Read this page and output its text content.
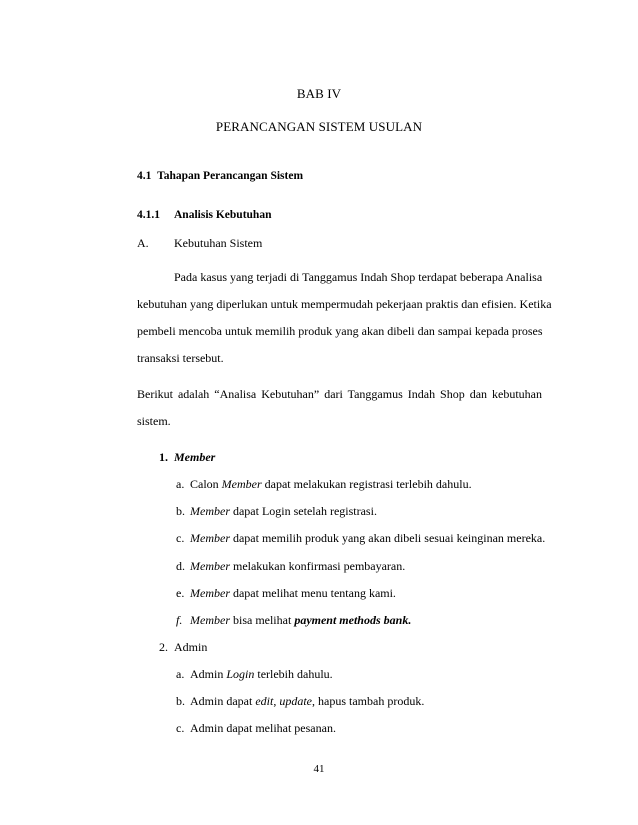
BAB IV
PERANCANGAN SISTEM USULAN
4.1 Tahapan Perancangan Sistem
4.1.1 Analisis Kebutuhan
A. Kebutuhan Sistem
Pada kasus yang terjadi di Tanggamus Indah Shop terdapat beberapa Analisa
kebutuhan yang diperlukan untuk mempermudah pekerjaan praktis dan efisien. Ketika
pembeli mencoba untuk memilih produk yang akan dibeli dan sampai kepada proses
transaksi tersebut.
Berikut adalah “Analisa Kebutuhan” dari Tanggamus Indah Shop dan kebutuhan
sistem.
1. Member
a. Calon Member dapat melakukan registrasi terlebih dahulu.
b. Member dapat Login setelah registrasi.
c. Member dapat memilih produk yang akan dibeli sesuai keinginan mereka.
d. Member melakukan konfirmasi pembayaran.
e. Member dapat melihat menu tentang kami.
f. Member bisa melihat payment methods bank.
2. Admin
a. Admin Login terlebih dahulu.
b. Admin dapat edit, update, hapus tambah produk.
c. Admin dapat melihat pesanan.
41
